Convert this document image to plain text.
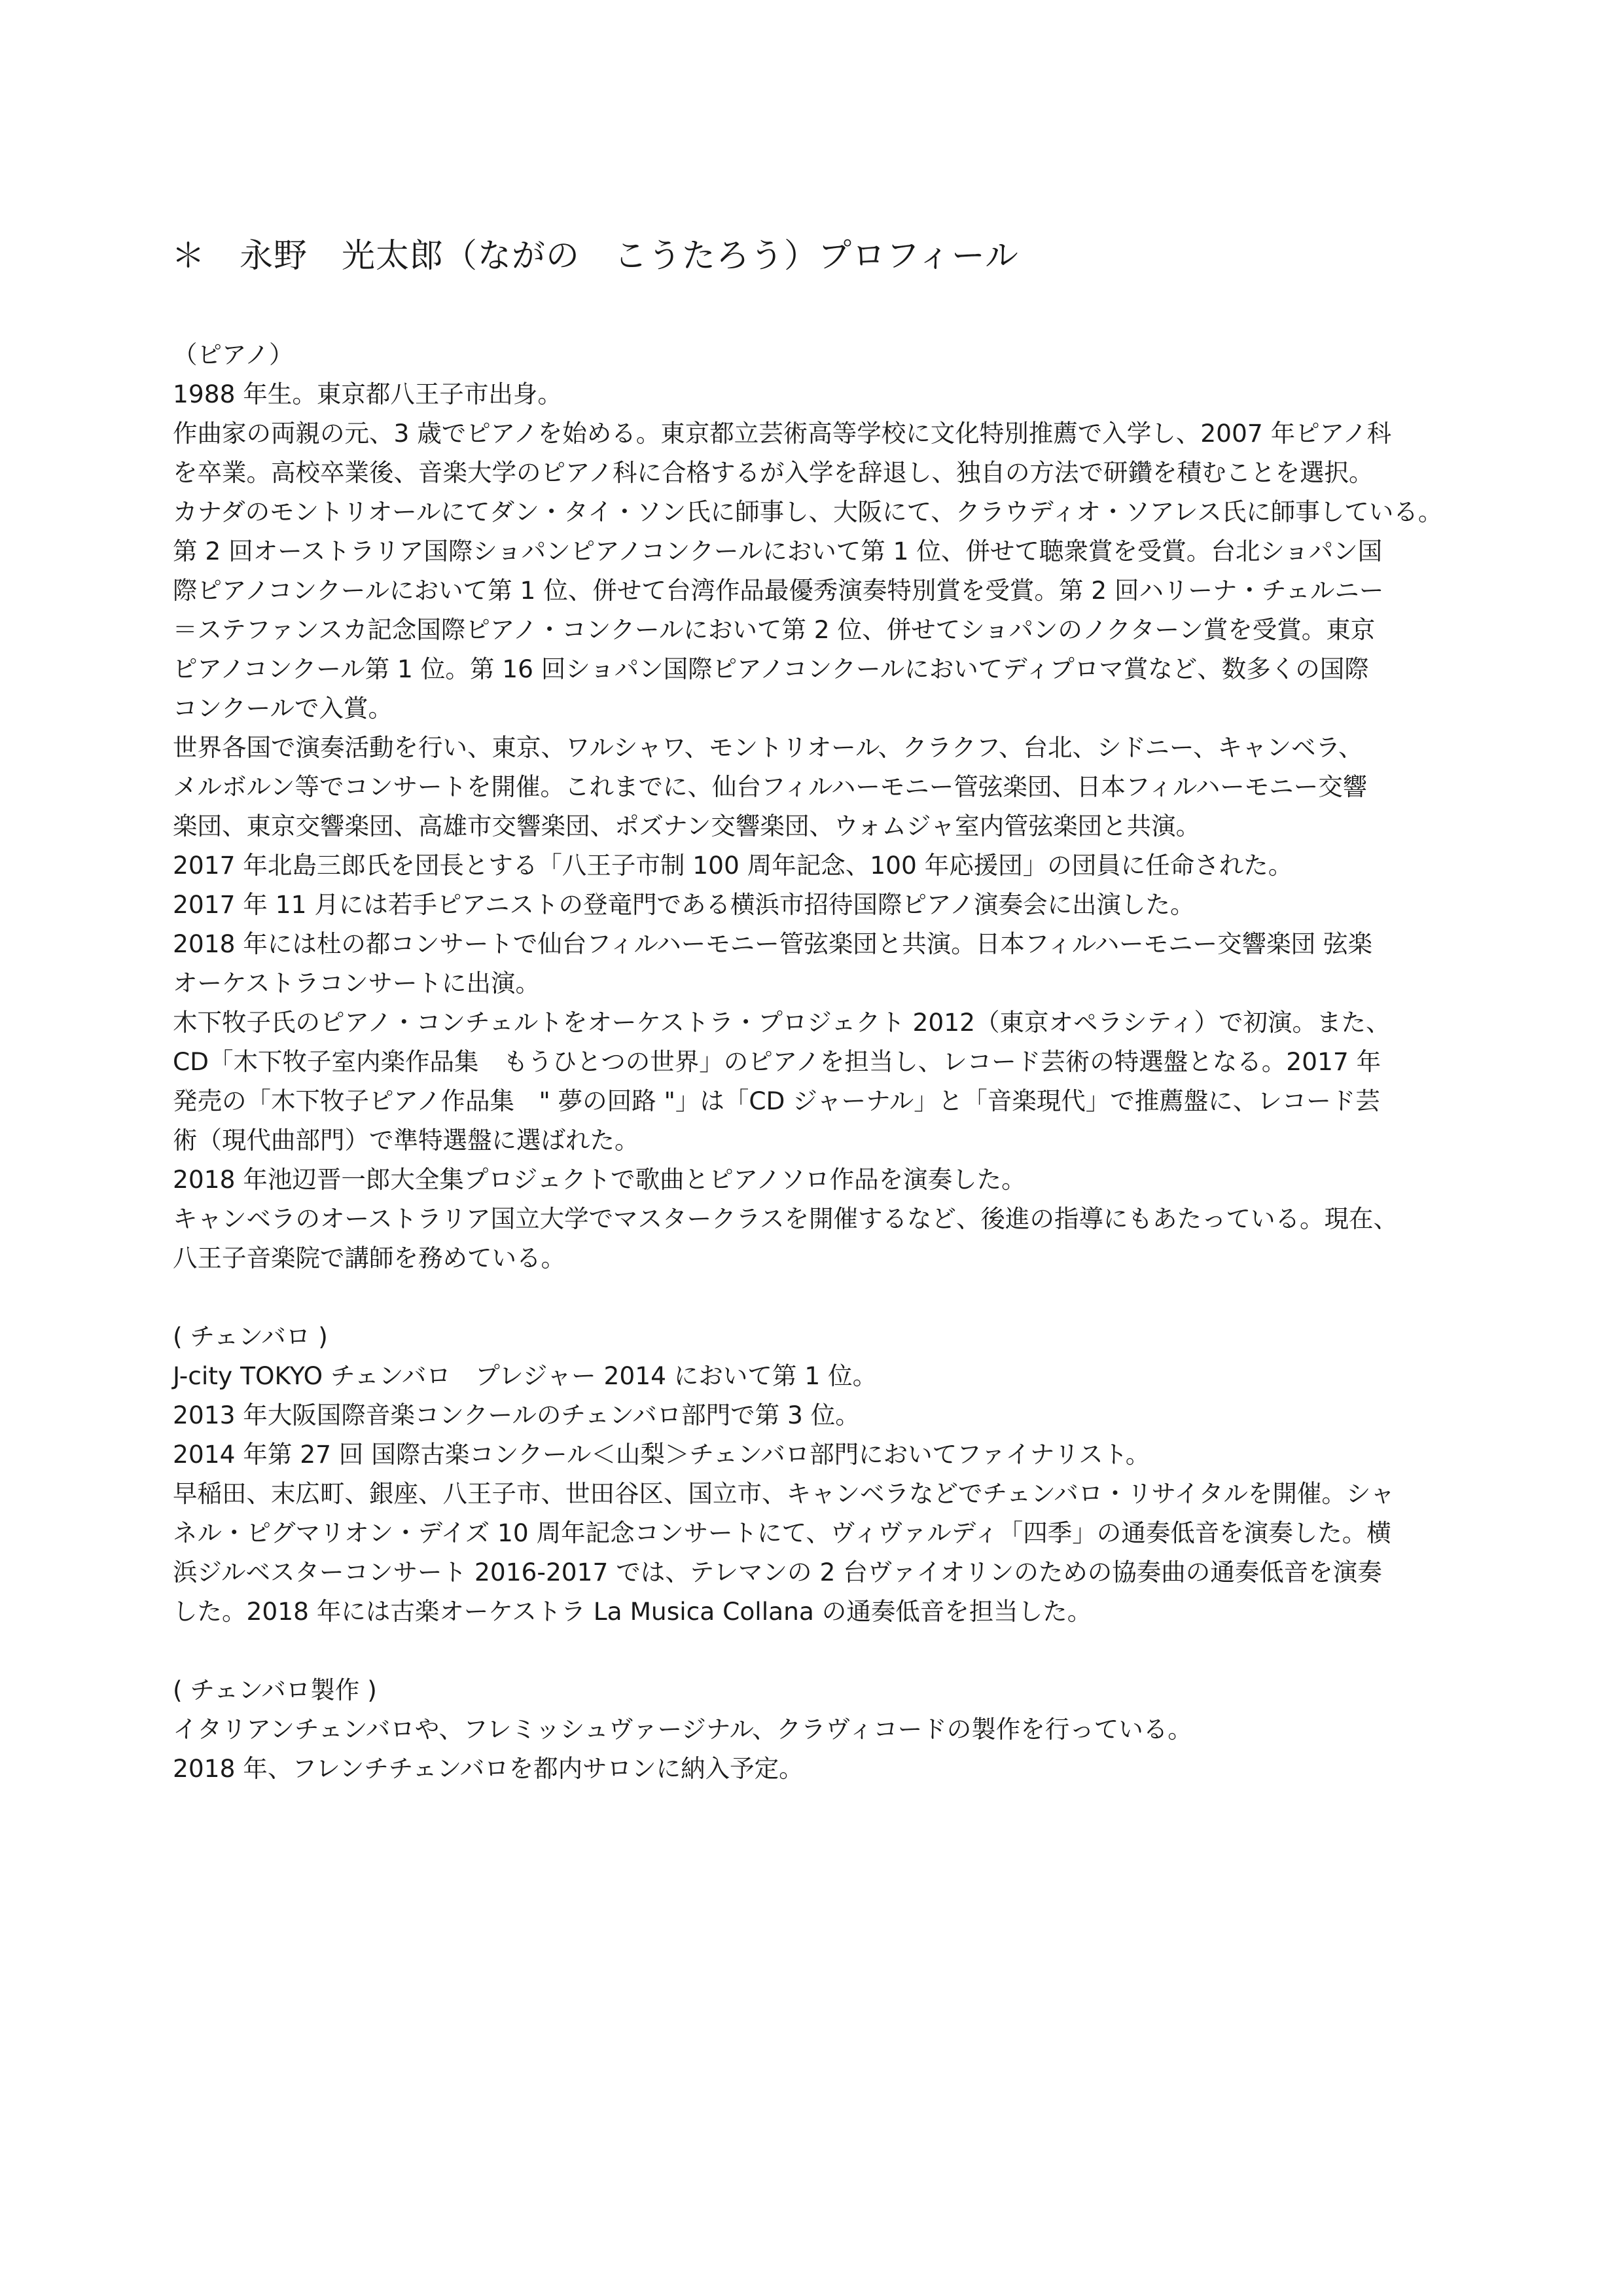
＊　永野　光太郎（ながの　こうたろう）プロフィール
（ピアノ）
1988 年生。東京都八王子市出身。
作曲家の両親の元、3 歳でピアノを始める。東京都立芸術高等学校に文化特別推薦で入学し、2007 年ピアノ科
を卒業。高校卒業後、音楽大学のピアノ科に合格するが入学を辞退し、独自の方法で研鑽を積むことを選択。
カナダのモントリオールにてダン・タイ・ソン氏に師事し、大阪にて、クラウディオ・ソアレス氏に師事している。
第 2 回オーストラリア国際ショパンピアノコンクールにおいて第 1 位、併せて聴衆賞を受賞。台北ショパン国
際ピアノコンクールにおいて第 1 位、併せて台湾作品最優秀演奏特別賞を受賞。第 2 回ハリーナ・チェルニー
＝ステファンスカ記念国際ピアノ・コンクールにおいて第 2 位、併せてショパンのノクターン賞を受賞。東京
ピアノコンクール第 1 位。第 16 回ショパン国際ピアノコンクールにおいてディプロマ賞など、数多くの国際
コンクールで入賞。
世界各国で演奏活動を行い、東京、ワルシャワ、モントリオール、クラクフ、台北、シドニー、キャンベラ、
メルボルン等でコンサートを開催。これまでに、仙台フィルハーモニー管弦楽団、日本フィルハーモニー交響
楽団、東京交響楽団、高雄市交響楽団、ポズナン交響楽団、ウォムジャ室内管弦楽団と共演。
2017 年北島三郎氏を団長とする「八王子市制 100 周年記念、100 年応援団」の団員に任命された。
2017 年 11 月には若手ピアニストの登竜門である横浜市招待国際ピアノ演奏会に出演した。
2018 年には杜の都コンサートで仙台フィルハーモニー管弦楽団と共演。日本フィルハーモニー交響楽団 弦楽
オーケストラコンサートに出演。
木下牧子氏のピアノ・コンチェルトをオーケストラ・プロジェクト 2012（東京オペラシティ）で初演。また、
CD「木下牧子室内楽作品集　もうひとつの世界」のピアノを担当し、レコード芸術の特選盤となる。2017 年
発売の「木下牧子ピアノ作品集　" 夢の回路 "」は「CD ジャーナル」と「音楽現代」で推薦盤に、レコード芸
術（現代曲部門）で準特選盤に選ばれた。
2018 年池辺晋一郎大全集プロジェクトで歌曲とピアノソロ作品を演奏した。
キャンベラのオーストラリア国立大学でマスタークラスを開催するなど、後進の指導にもあたっている。現在、
八王子音楽院で講師を務めている。
( チェンバロ )
J-city TOKYO チェンバロ　プレジャー 2014 において第 1 位。
2013 年大阪国際音楽コンクールのチェンバロ部門で第 3 位。
2014 年第 27 回 国際古楽コンクール＜山梨＞チェンバロ部門においてファイナリスト。
早稲田、末広町、銀座、八王子市、世田谷区、国立市、キャンベラなどでチェンバロ・リサイタルを開催。シャ
ネル・ピグマリオン・デイズ 10 周年記念コンサートにて、ヴィヴァルディ「四季」の通奏低音を演奏した。横
浜ジルベスターコンサート 2016-2017 では、テレマンの 2 台ヴァイオリンのための協奏曲の通奏低音を演奏
した。2018 年には古楽オーケストラ La Musica Collana の通奏低音を担当した。
( チェンバロ製作 )
イタリアンチェンバロや、フレミッシュヴァージナル、クラヴィコードの製作を行っている。
2018 年、フレンチチェンバロを都内サロンに納入予定。
